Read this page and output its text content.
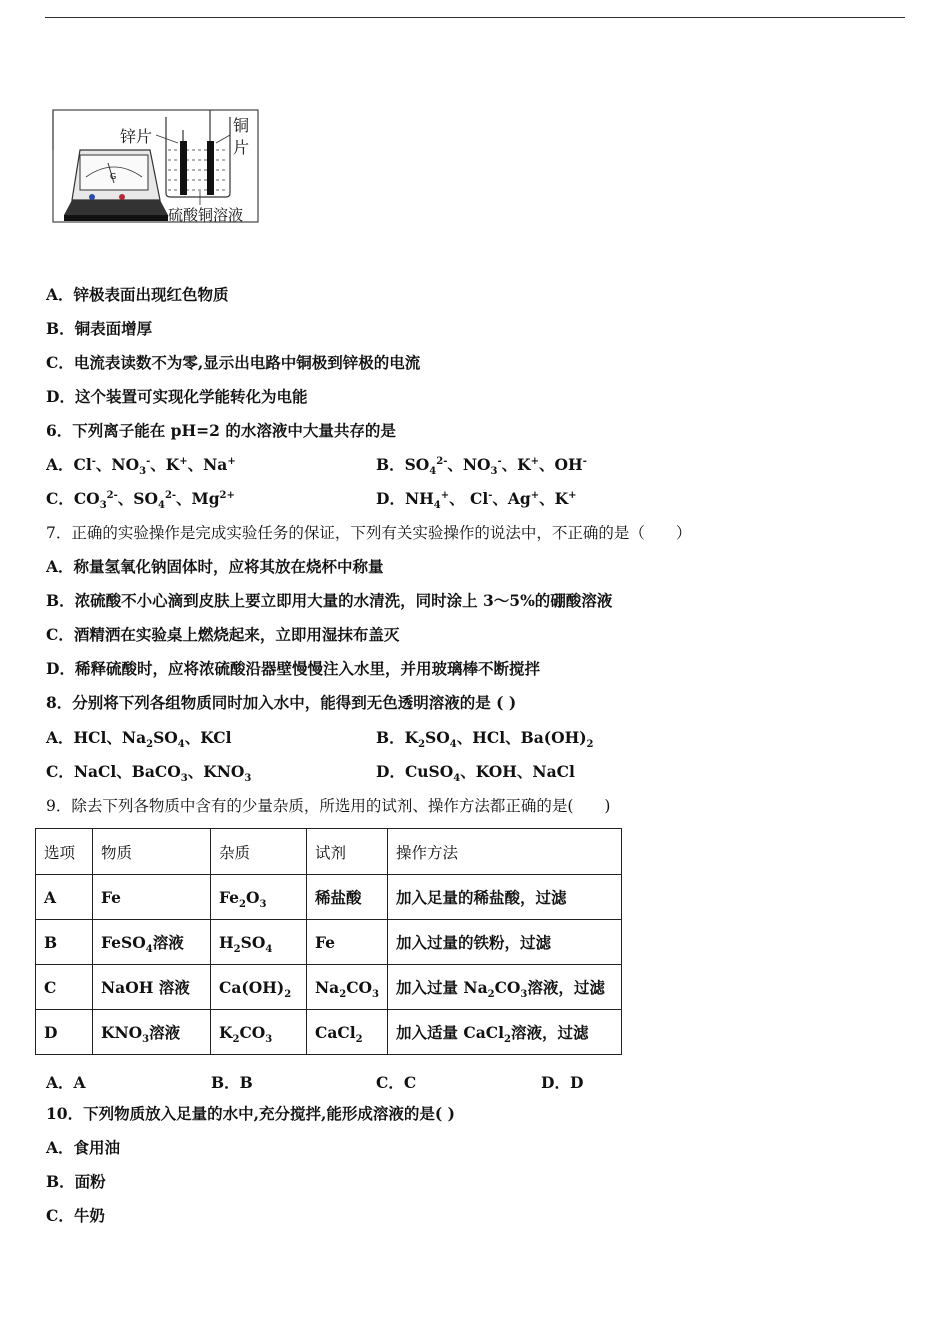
G
锌片
铜片
硫酸铜溶液
A．锌极表面出现红色物质
B．铜表面增厚
C．电流表读数不为零,显示出电路中铜极到锌极的电流
D．这个装置可实现化学能转化为电能
6．下列离子能在 pH=2 的水溶液中大量共存的是
A．Cl-、$NO_3^-$、K+、Na+	B．$SO_4^{2-}$、$NO_3^-$、K+、OH-
C．$CO_3^{2-}$、$SO_4^{2-}$、$Mg^{2+}$	D．$NH_4^+$、 Cl-、Ag+、K+
7．正确的实验操作是完成实验任务的保证，下列有关实验操作的说法中，不正确的是（　　）
A．称量氢氧化钠固体时，应将其放在烧杯中称量
B．浓硫酸不小心滴到皮肤上要立即用大量的水清洗，同时涂上 3～5%的硼酸溶液
C．酒精洒在实验桌上燃烧起来，立即用湿抹布盖灭
D．稀释硫酸时，应将浓硫酸沿器壁慢慢注入水里，并用玻璃棒不断搅拌
8．分别将下列各组物质同时加入水中，能得到无色透明溶液的是 ( )
A．HCl、$Na_2SO_4$、KCl	B．$K_2SO_4$、HCl、$Ba(OH)_2$
C．NaCl、BaCO$_3$、$KNO_3$	D．CuSO$_4$、KOH、NaCl
9．除去下列各物质中含有的少量杂质，所选用的试剂、操作方法都正确的是(　　)
选项	物质	杂质	试剂	操作方法
A	Fe	$Fe_2O_3$	稀盐酸	加入足量的稀盐酸，过滤
B	FeSO$_4$溶液	$H_2SO_4$	Fe	加入过量的铁粉，过滤
C	NaOH 溶液	$Ca(OH)_2$	$Na_2CO_3$	加入过量 $Na_2CO_3$溶液，过滤
D	$KNO_3$溶液	$K_2CO_3$	CaCl$_2$	加入适量 CaCl$_2$溶液，过滤
A．A	B．B	C．C	D．D
10．下列物质放入足量的水中,充分搅拌,能形成溶液的是( )
A．食用油
B．面粉
C．牛奶
